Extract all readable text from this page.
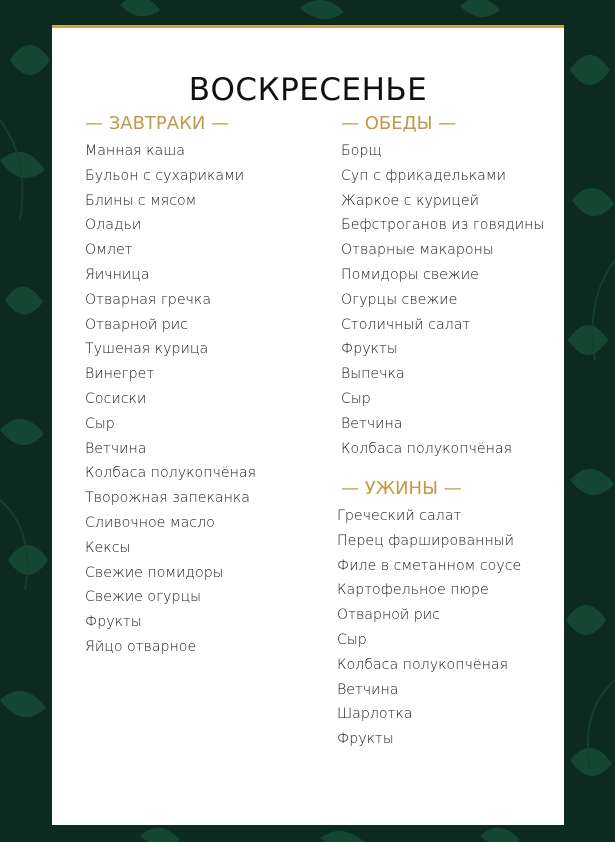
ВОСКРЕСЕНЬЕ
— ЗАВТРАКИ —
Манная каша
Бульон с сухариками
Блины с мясом
Оладьи
Омлет
Яичница
Отварная гречка
Отварной рис
Тушеная курица
Винегрет
Сосиски
Сыр
Ветчина
Колбаса полукопчёная
Творожная запеканка
Сливочное масло
Кексы
Свежие помидоры
Свежие огурцы
Фрукты
Яйцо отварное
— ОБЕДЫ —
Борщ
Суп с фрикадельками
Жаркое с курицей
Бефстроганов из говядины
Отварные макароны
Помидоры свежие
Огурцы свежие
Столичный салат
Фрукты
Выпечка
Сыр
Ветчина
Колбаса полукопчёная
— УЖИНЫ —
Греческий салат
Перец фаршированный
Филе в сметанном соусе
Картофельное пюре
Отварной рис
Сыр
Колбаса полукопчёная
Ветчина
Шарлотка
Фрукты
